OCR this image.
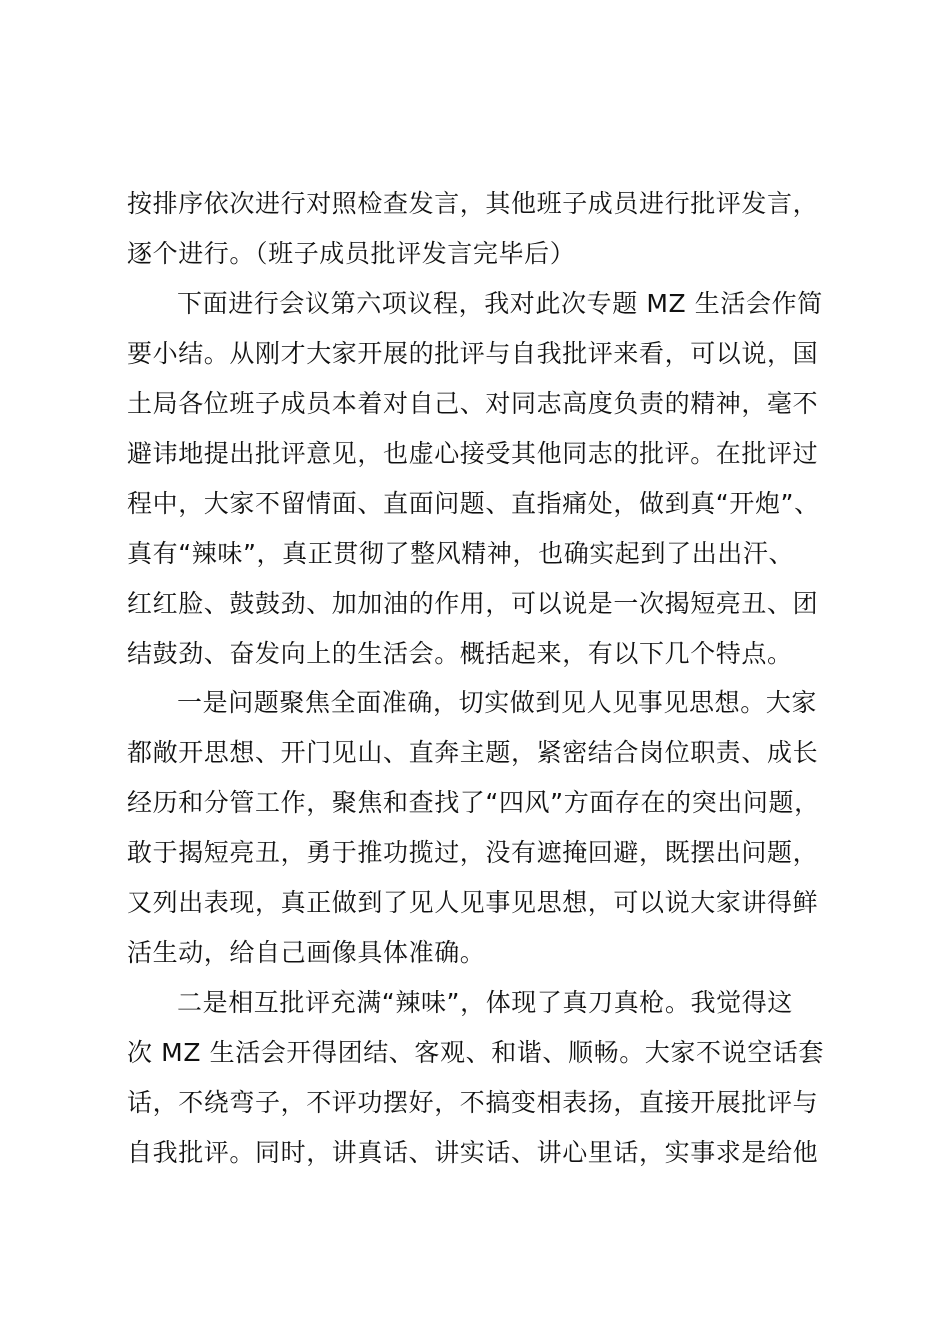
按排序依次进行对照检查发言，其他班子成员进行批评发言，
逐个进行。（班子成员批评发言完毕后）
下面进行会议第六项议程，我对此次专题 MZ 生活会作简
要小结。从刚才大家开展的批评与自我批评来看，可以说，国
土局各位班子成员本着对自己、对同志高度负责的精神，毫不
避讳地提出批评意见，也虚心接受其他同志的批评。在批评过
程中，大家不留情面、直面问题、直指痛处，做到真“开炮”、
真有“辣味”，真正贯彻了整风精神，也确实起到了出出汗、
红红脸、鼓鼓劲、加加油的作用，可以说是一次揭短亮丑、团
结鼓劲、奋发向上的生活会。概括起来，有以下几个特点。
一是问题聚焦全面准确，切实做到见人见事见思想。大家
都敞开思想、开门见山、直奔主题，紧密结合岗位职责、成长
经历和分管工作，聚焦和查找了“四风”方面存在的突出问题，
敢于揭短亮丑，勇于推功揽过，没有遮掩回避，既摆出问题，
又列出表现，真正做到了见人见事见思想，可以说大家讲得鲜
活生动，给自己画像具体准确。
二是相互批评充满“辣味”，体现了真刀真枪。我觉得这
次 MZ 生活会开得团结、客观、和谐、顺畅。大家不说空话套
话，不绕弯子，不评功摆好，不搞变相表扬，直接开展批评与
自我批评。同时，讲真话、讲实话、讲心里话，实事求是给他
